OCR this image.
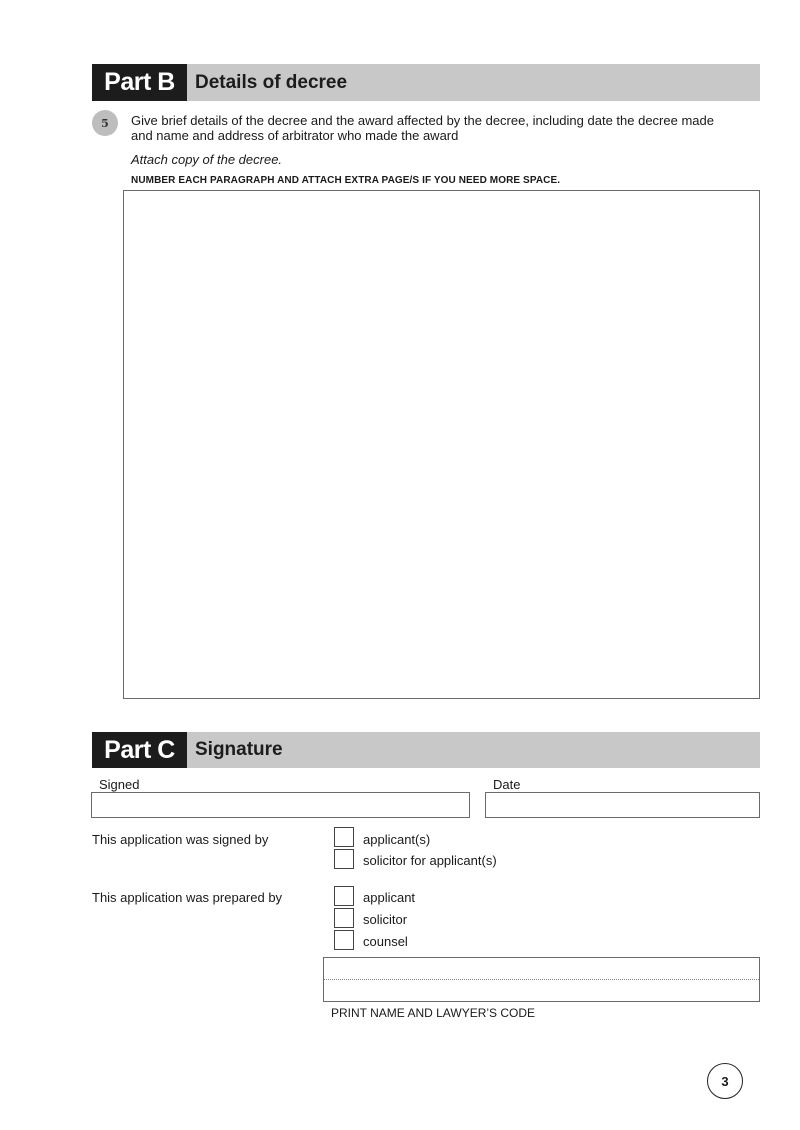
Part B	Details of decree
5	Give brief details of the decree and the award affected by the decree, including date the decree made
and name and address of arbitrator who made the award
Attach copy of the decree.
NUMBER EACH PARAGRAPH AND ATTACH EXTRA PAGE/S IF YOU NEED MORE SPACE.
Part C	Signature
Signed	Date
This application was signed by	applicant(s)
solicitor for applicant(s)
This application was prepared by	applicant
solicitor
counsel
PRINT NAME AND LAWYER’S CODE
3
